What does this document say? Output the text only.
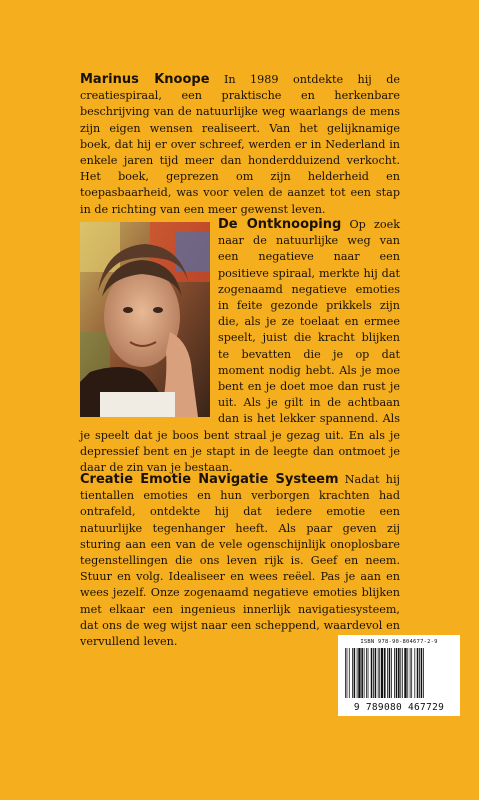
Marinus Knoope In 1989 ontdekte hij de creatiespiraal, een praktische en herkenbare beschrijving van de natuurlijke weg waarlangs de mens zijn eigen wensen realiseert. Van het gelijknamige boek, dat hij er over schreef, werden er in Nederland in enkele jaren tijd meer dan honderdduizend verkocht. Het boek, geprezen om zijn helderheid en toepasbaarheid, was voor velen de aanzet tot een stap in de richting van een meer gewenst leven.
De Ontknooping Op zoek naar de natuurlijke weg van een negatieve naar een positieve spiraal, merkte hij dat zogenaamd negatieve emoties in feite gezonde prikkels zijn die, als je ze toelaat en ermee speelt, juist die kracht blijken te bevatten die je op dat moment nodig hebt. Als je moe bent en je doet moe dan rust je uit. Als je gilt in de achtbaan dan is het lekker spannend. Als je speelt dat je boos bent straal je gezag uit. En als je depressief bent en je stapt in de leegte dan ontmoet je daar de zin van je bestaan.
Creatie Emotie Navigatie Systeem Nadat hij tientallen emoties en hun verborgen krachten had ontrafeld, ontdekte hij dat iedere emotie een natuurlijke tegenhanger heeft. Als paar geven zij sturing aan een van de vele ogenschijnlijk onoplosbare tegenstellingen die ons leven rijk is. Geef en neem. Stuur en volg. Idealiseer en wees reëel. Pas je aan en wees jezelf. Onze zogenaamd negatieve emoties blijken met elkaar een ingenieus innerlijk navigatiesysteem, dat ons de weg wijst naar een scheppend, waardevol en vervullend leven.	ISBN 978-90-804677-2-9
9 789080 467729
